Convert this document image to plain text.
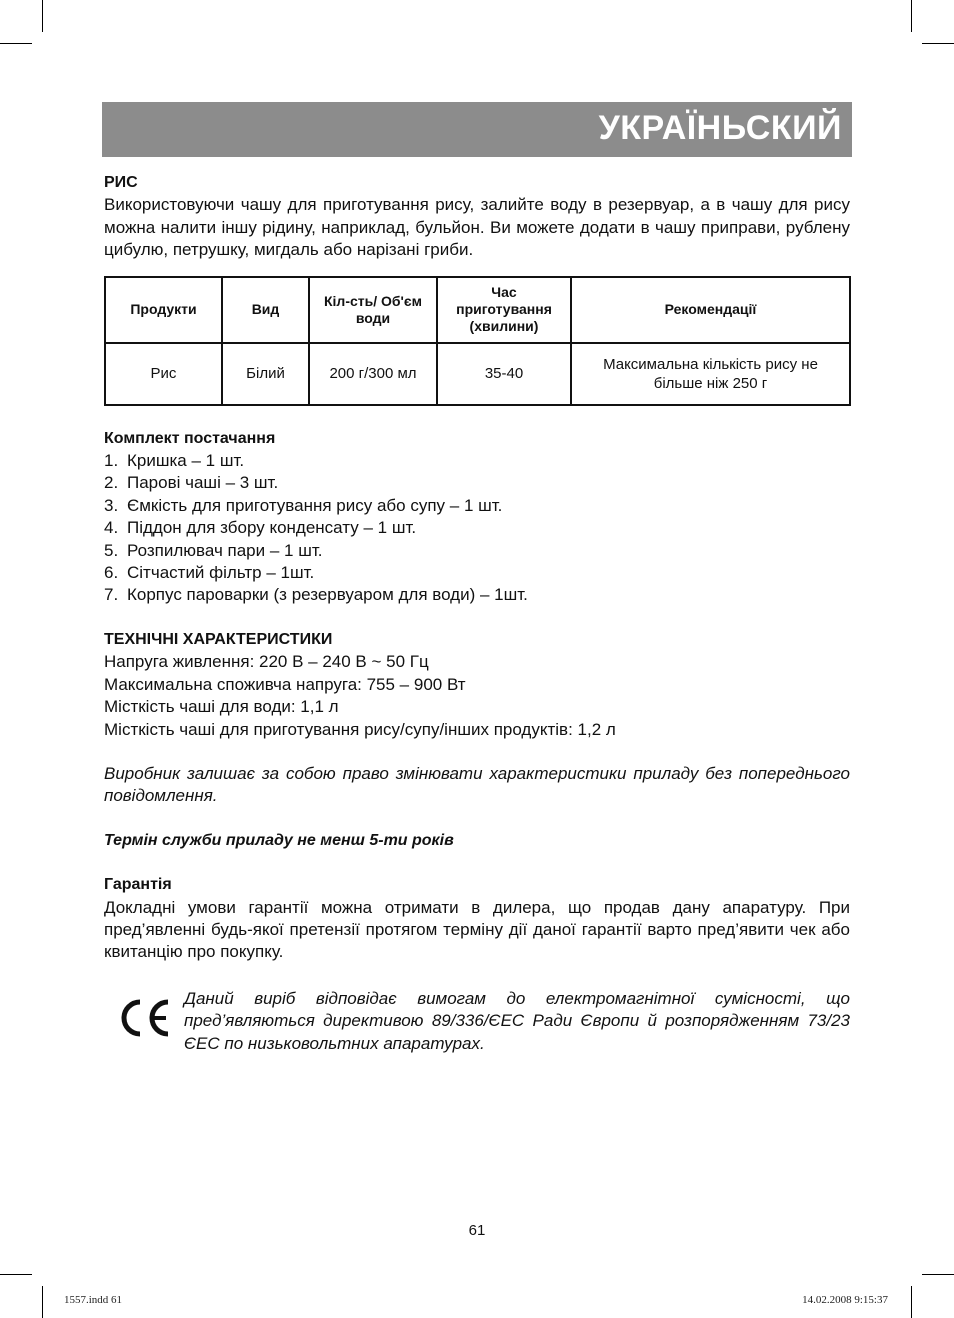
УКРАЇНЬСКИЙ
РИС
Використовуючи чашу для приготування рису, залийте воду в резервуар, а в чашу для рису можна налити іншу рідину, наприклад, бульйон. Ви можете додати в чашу приправи, рублену цибулю, петрушку, мигдаль або нарізані гриби.
Продукти	Вид	Кіл-сть/ Об'єм води	Час приготування (хвилини)	Рекомендації
Рис	Білий	200 г/300 мл	35-40	Максимальна кількість рису не більше ніж 250 г
Комплект постачання
1. Кришка – 1 шт.
2. Парові чаші – 3 шт.
3. Ємкість для приготування рису або супу – 1 шт.
4. Піддон для збору конденсату – 1 шт.
5. Розпилювач пари – 1 шт.
6. Сітчастий фільтр – 1шт.
7. Корпус пароварки (з резервуаром для води) – 1шт.
ТЕХНІЧНІ ХАРАКТЕРИСТИКИ
Напруга живлення: 220 В – 240 В ~ 50 Гц
Максимальна споживча напруга: 755 – 900 Вт
Місткість чаші для води: 1,1 л
Місткість чаші для приготування рису/супу/інших продуктів: 1,2 л
Виробник залишає за собою право змінювати характеристики приладу без попереднього повідомлення.
Термін служби приладу не менш 5-ти років
Гарантія
Докладні умови гарантії можна отримати в дилера, що продав дану апаратуру. При пред’явленні будь-якої претензії протягом терміну дії даної гарантії варто пред’явити чек або квитанцію про покупку.
Даний виріб відповідає вимогам до електромагнітної сумісності, що пред’являються директивою 89/336/ЄЕС Ради Європи й розпорядженням 73/23 ЄЕС по низьковольтних апаратурах.
61
1557.indd 61	14.02.2008 9:15:37
